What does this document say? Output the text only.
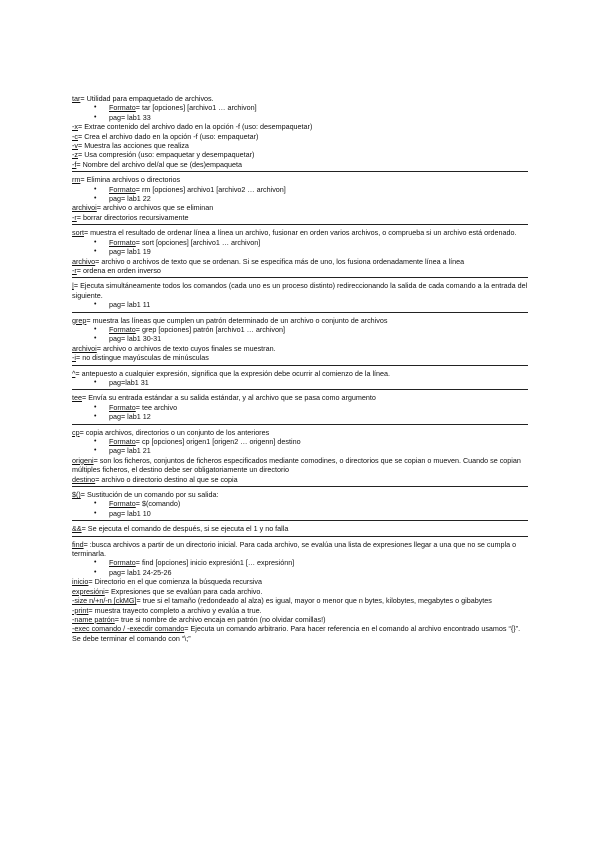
tar= Utilidad para empaquetado de archivos.
• Formato= tar [opciones] [archivo1 … archivon]
• pag= lab1 33
-x= Extrae contenido del archivo dado en la opción -f (uso: desempaquetar)
-c= Crea el archivo dado en la opción -f (uso: empaquetar)
-v= Muestra las acciones que realiza
-z= Usa compresión (uso: empaquetar y desempaquetar)
-f= Nombre del archivo del/al que se (des)empaqueta
rm= Elimina archivos o directorios
• Formato= rm [opciones] archivo1 [archivo2 … archivon]
• pag= lab1 22
archivoi= archivo o archivos que se eliminan
-r= borrar directorios recursivamente
sort= muestra el resultado de ordenar línea a línea un archivo, fusionar en orden varios archivos, o comprueba si un archivo está ordenado.
• Formato= sort [opciones] [archivo1 … archivon]
• pag= lab1 19
archivo= archivo o archivos de texto que se ordenan. Si se especifica más de uno, los fusiona ordenadamente línea a línea
-r= ordena en orden inverso
|= Ejecuta simultáneamente todos los comandos (cada uno es un proceso distinto) redireccionando la salida de cada comando a la entrada del siguiente.
• pag= lab1 11
grep= muestra las líneas que cumplen un patrón determinado de un archivo o conjunto de archivos
• Formato= grep [opciones] patrón [archivo1 … archivon]
• pag= lab1 30-31
archivoi= archivo o archivos de texto cuyos finales se muestran.
-i= no distingue mayúsculas de minúsculas
^= antepuesto a cualquier expresión, significa que la expresión debe ocurrir al comienzo de la línea.
• pag=lab1 31
tee= Envía su entrada estándar a su salida estándar, y al archivo que se pasa como argumento
• Formato= tee archivo
• pag= lab1 12
cp= copia archivos, directorios o un conjunto de los anteriores
• Formato= cp [opciones] origen1 [origen2 … origenn] destino
• pag= lab1 21
origeni= son los ficheros, conjuntos de ficheros especificados mediante comodines, o directorios que se copian o mueven. Cuando se copian múltiples ficheros, el destino debe ser obligatoriamente un directorio
destino= archivo o directorio destino al que se copia
$()= Sustitución de un comando por su salida:
• Formato= $(comando)
• pag= lab1 10
&&= Se ejecuta el comando de después, si se ejecuta el 1 y no falla
find= :busca archivos a partir de un directorio inicial. Para cada archivo, se evalúa una lista de expresiones llegar a una que no se cumpla o terminarla.
• Formato= find [opciones] inicio expresión1 [… expresiónn]
• pag= lab1 24-25-26
inicio= Directorio en el que comienza la búsqueda recursiva
expresióni= Expresiones que se evalúan para cada archivo.
-size n/+n/-n [ckMG]= true si el tamaño (redondeado al alza) es igual, mayor o menor que n bytes, kilobytes, megabytes o gibabytes
-print= muestra trayecto completo a archivo y evalúa a true.
-name patrón= true si nombre de archivo encaja en patrón (no olvidar comillas!)
-exec comando / -execdir comando= Ejecuta un comando arbitrario. Para hacer referencia en el comando al archivo encontrado usamos “{}”. Se debe terminar el comando con “\;”
